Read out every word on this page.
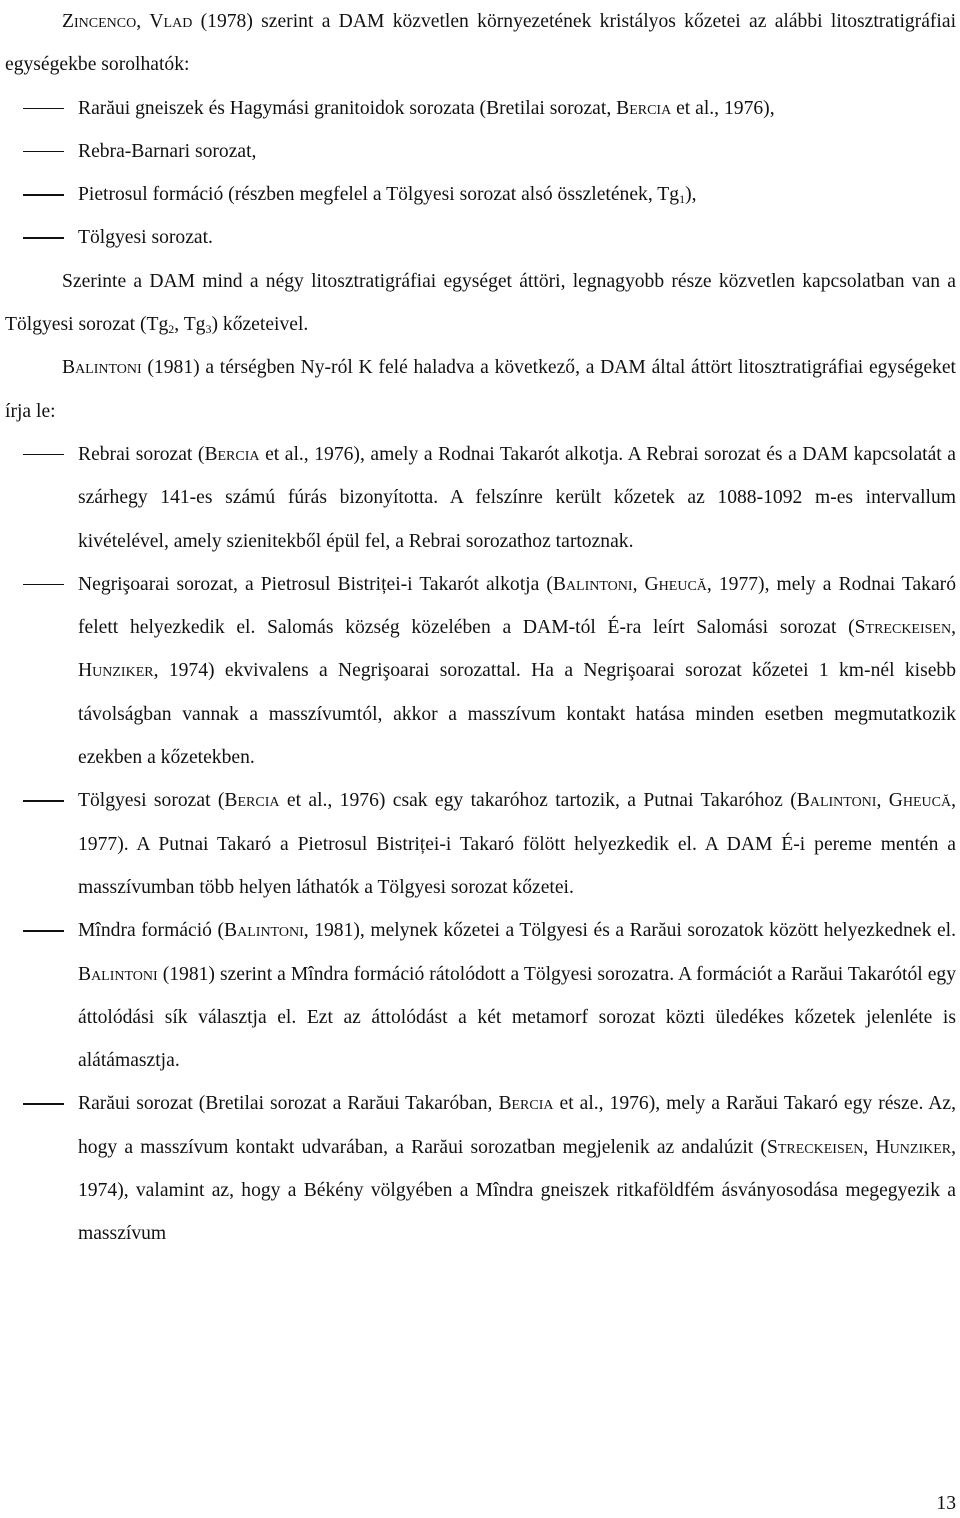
Zincenco, Vlad (1978) szerint a DAM közvetlen környezetének kristályos kőzetei az alábbi litosztratigráfiai egységekbe sorolhatók:

Rarăui gneiszek és Hagymási granitoidok sorozata (Bretilai sorozat, Bercia et al., 1976),
Rebra-Barnari sorozat,
Pietrosul formáció (részben megfelel a Tölgyesi sorozat alsó összletének, $Tg_1$),
Tölgyesi sorozat.

Szerinte a DAM mind a négy litosztratigráfiai egységet áttöri, legnagyobb része közvetlen kapcsolatban van a Tölgyesi sorozat ($Tg_2$, $Tg_3$) kőzeteivel.

Balintoni (1981) a térségben Ny-ról K felé haladva a következő, a DAM által áttört litosztratigráfiai egységeket írja le:

Rebrai sorozat (Bercia et al., 1976), amely a Rodnai Takarót alkotja. A Rebrai sorozat és a DAM kapcsolatát a szárhegy 141-es számú fúrás bizonyította. A felszínre került kőzetek az 1088-1092 m-es intervallum kivételével, amely szienitekből épül fel, a Rebrai sorozathoz tartoznak.
Negrişoarai sorozat, a Pietrosul Bistriței-i Takarót alkotja (Balintoni, Gheucă, 1977), mely a Rodnai Takaró felett helyezkedik el. Salomás község közelében a DAM-tól É-ra leírt Salomási sorozat (Streckeisen, Hunziker, 1974) ekvivalens a Negrişoarai sorozattal. Ha a Negrişoarai sorozat kőzetei 1 km-nél kisebb távolságban vannak a masszívumtól, akkor a masszívum kontakt hatása minden esetben megmutatkozik ezekben a kőzetekben.
Tölgyesi sorozat (Bercia et al., 1976) csak egy takaróhoz tartozik, a Putnai Takaróhoz (Balintoni, Gheucă, 1977). A Putnai Takaró a Pietrosul Bistriței-i Takaró fölött helyezkedik el. A DAM É-i pereme mentén a masszívumban több helyen láthatók a Tölgyesi sorozat kőzetei.
Mîndra formáció (Balintoni, 1981), melynek kőzetei a Tölgyesi és a Rarăui sorozatok között helyezkednek el. Balintoni (1981) szerint a Mîndra formáció rátolódott a Tölgyesi sorozatra. A formációt a Rarăui Takarótól egy áttolódási sík választja el. Ezt az áttolódást a két metamorf sorozat közti üledékes kőzetek jelenléte is alátámasztja.
Rarăui sorozat (Bretilai sorozat a Rarăui Takaróban, Bercia et al., 1976), mely a Rarăui Takaró egy része. Az, hogy a masszívum kontakt udvarában, a Rarăui sorozatban megjelenik az andalúzit (Streckeisen, Hunziker, 1974), valamint az, hogy a Békény völgyében a Mîndra gneiszek ritkaföldfém ásványosodása megegyezik a masszívum
13
